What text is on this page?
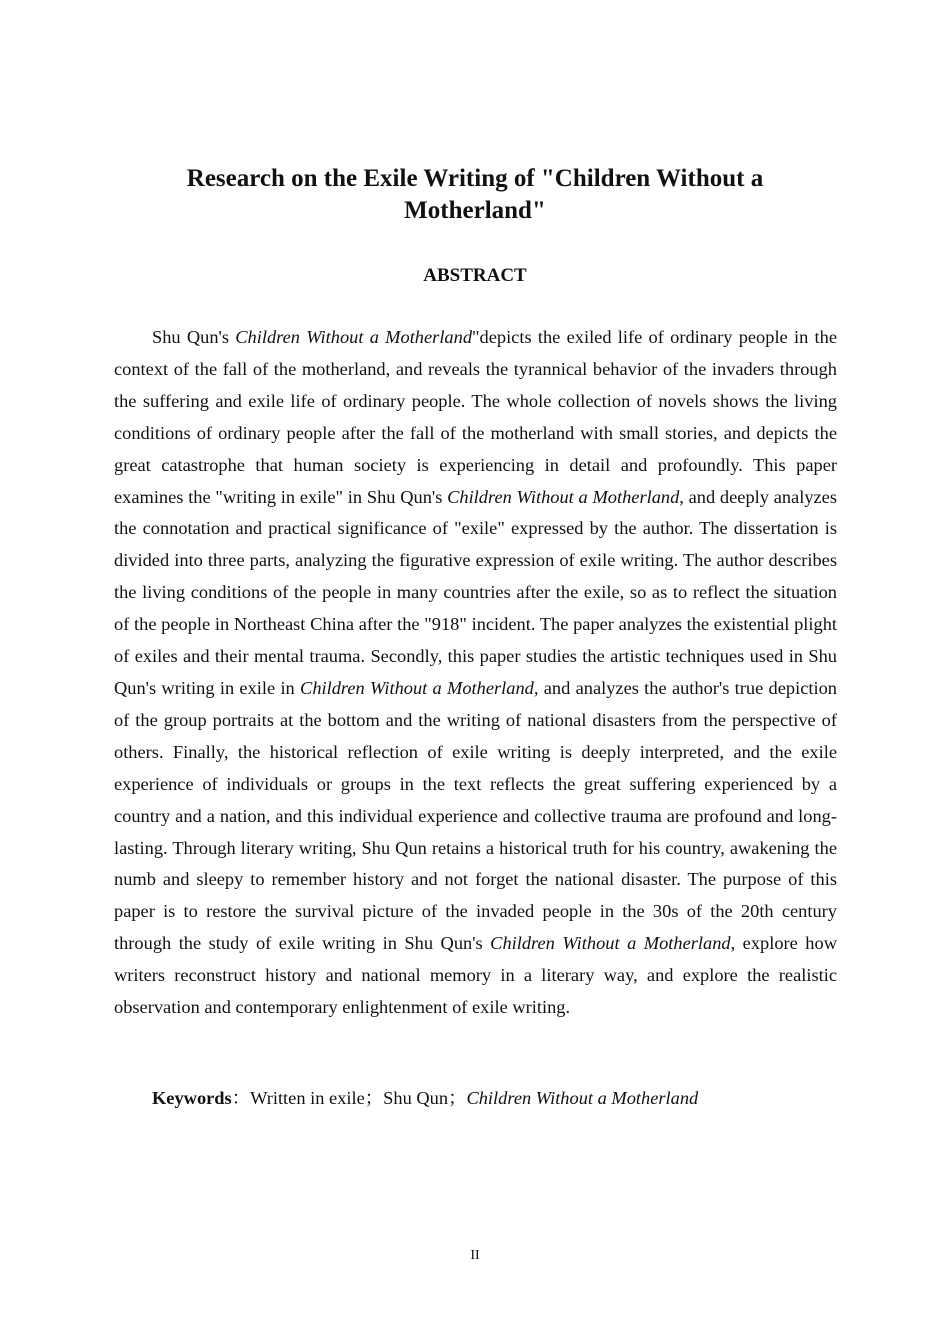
Research on the Exile Writing of "Children Without a Motherland"
ABSTRACT

Shu Qun's Children Without a Motherland"depicts the exiled life of ordinary people in the context of the fall of the motherland, and reveals the tyrannical behavior of the invaders through the suffering and exile life of ordinary people. The whole collection of novels shows the living conditions of ordinary people after the fall of the motherland with small stories, and depicts the great catastrophe that human society is experiencing in detail and profoundly. This paper examines the "writing in exile" in Shu Qun's Children Without a Motherland, and deeply analyzes the connotation and practical significance of "exile" expressed by the author. The dissertation is divided into three parts, analyzing the figurative expression of exile writing. The author describes the living conditions of the people in many countries after the exile, so as to reflect the situation of the people in Northeast China after the "918" incident. The paper analyzes the existential plight of exiles and their mental trauma. Secondly, this paper studies the artistic techniques used in Shu Qun's writing in exile in Children Without a Motherland, and analyzes the author's true depiction of the group portraits at the bottom and the writing of national disasters from the perspective of others. Finally, the historical reflection of exile writing is deeply interpreted, and the exile experience of individuals or groups in the text reflects the great suffering experienced by a country and a nation, and this individual experience and collective trauma are profound and long-lasting. Through literary writing, Shu Qun retains a historical truth for his country, awakening the numb and sleepy to remember history and not forget the national disaster. The purpose of this paper is to restore the survival picture of the invaded people in the 30s of the 20th century through the study of exile writing in Shu Qun's Children Without a Motherland, explore how writers reconstruct history and national memory in a literary way, and explore the realistic observation and contemporary enlightenment of exile writing.

Keywords：Written in exile；Shu Qun；Children Without a Motherland

II
